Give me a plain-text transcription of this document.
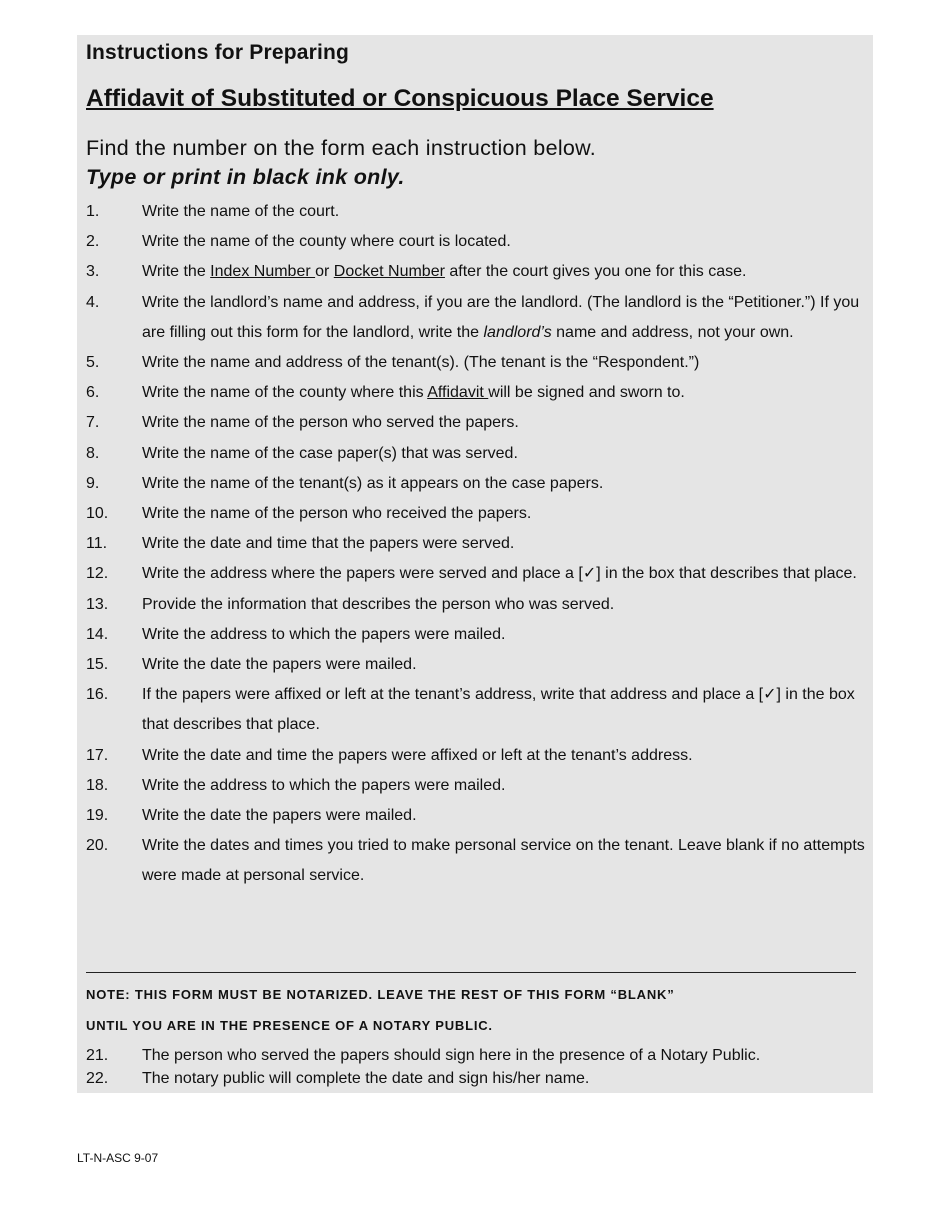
Instructions for Preparing
Affidavit of Substituted or Conspicuous Place Service
Find the number on the form each instruction below.
Type or print in black ink only.
1.	Write the name of the court.
2.	Write the name of the county where court is located.
3.	Write the Index Number or Docket Number after the court gives you one for this case.
4.	Write the landlord’s name and address, if you are the landlord. (The landlord is the “Petitioner.”) If you are filling out this form for the landlord, write the landlord’s name and address, not your own.
5.	Write the name and address of the tenant(s). (The tenant is the “Respondent.”)
6.	Write the name of the county where this Affidavit will be signed and sworn to.
7.	Write the name of the person who served the papers.
8.	Write the name of the case paper(s) that was served.
9.	Write the name of the tenant(s) as it appears on the case papers.
10. Write the name of the person who received the papers.
11. Write the date and time that the papers were served.
12. Write the address where the papers were served and place a [✓] in the box that describes that place.
13. Provide the information that describes the person who was served.
14. Write the address to which the papers were mailed.
15. Write the date the papers were mailed.
16. If the papers were affixed or left at the tenant’s address, write that address and place a [✓] in the box that describes that place.
17. Write the date and time the papers were affixed or left at the tenant’s address.
18. Write the address to which the papers were mailed.
19. Write the date the papers were mailed.
20. Write the dates and times you tried to make personal service on the tenant. Leave blank if no attempts were made at personal service.
NOTE: THIS FORM MUST BE NOTARIZED. LEAVE THE REST OF THIS FORM “BLANK”
UNTIL YOU ARE IN THE PRESENCE OF A NOTARY PUBLIC.
21. The person who served the papers should sign here in the presence of a Notary Public.
22. The notary public will complete the date and sign his/her name.
LT-N-ASC 9-07
